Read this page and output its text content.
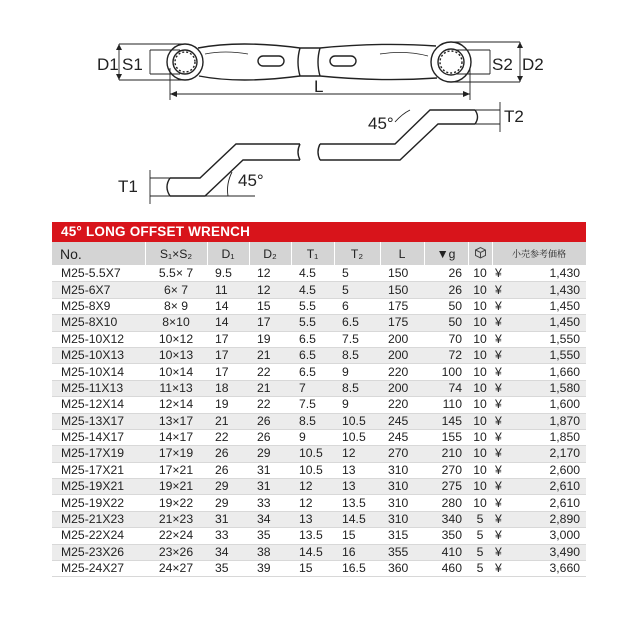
D1 S1	S2 D2
L
T1
T2
45°
45°
45° LONG OFFSET WRENCH
No.	S₁×S₂	D₁	D₂	T₁	T₂	L	▼g		小売参考価格
M25-5.5X7	5.5× 7	9.5	12	4.5	5	150	26	10	¥ 1,430
M25-6X7	6× 7	11	12	4.5	5	150	26	10	¥ 1,430
M25-8X9	8× 9	14	15	5.5	6	175	50	10	¥ 1,450
M25-8X10	8×10	14	17	5.5	6.5	175	50	10	¥ 1,450
M25-10X12	10×12	17	19	6.5	7.5	200	70	10	¥ 1,550
M25-10X13	10×13	17	21	6.5	8.5	200	72	10	¥ 1,550
M25-10X14	10×14	17	22	6.5	9	220	100	10	¥ 1,660
M25-11X13	11×13	18	21	7	8.5	200	74	10	¥ 1,580
M25-12X14	12×14	19	22	7.5	9	220	110	10	¥ 1,600
M25-13X17	13×17	21	26	8.5	10.5	245	145	10	¥ 1,870
M25-14X17	14×17	22	26	9	10.5	245	155	10	¥ 1,850
M25-17X19	17×19	26	29	10.5	12	270	210	10	¥ 2,170
M25-17X21	17×21	26	31	10.5	13	310	270	10	¥ 2,600
M25-19X21	19×21	29	31	12	13	310	275	10	¥ 2,610
M25-19X22	19×22	29	33	12	13.5	310	280	10	¥ 2,610
M25-21X23	21×23	31	34	13	14.5	310	340	5	¥ 2,890
M25-22X24	22×24	33	35	13.5	15	315	350	5	¥ 3,000
M25-23X26	23×26	34	38	14.5	16	355	410	5	¥ 3,490
M25-24X27	24×27	35	39	15	16.5	360	460	5	¥ 3,660
